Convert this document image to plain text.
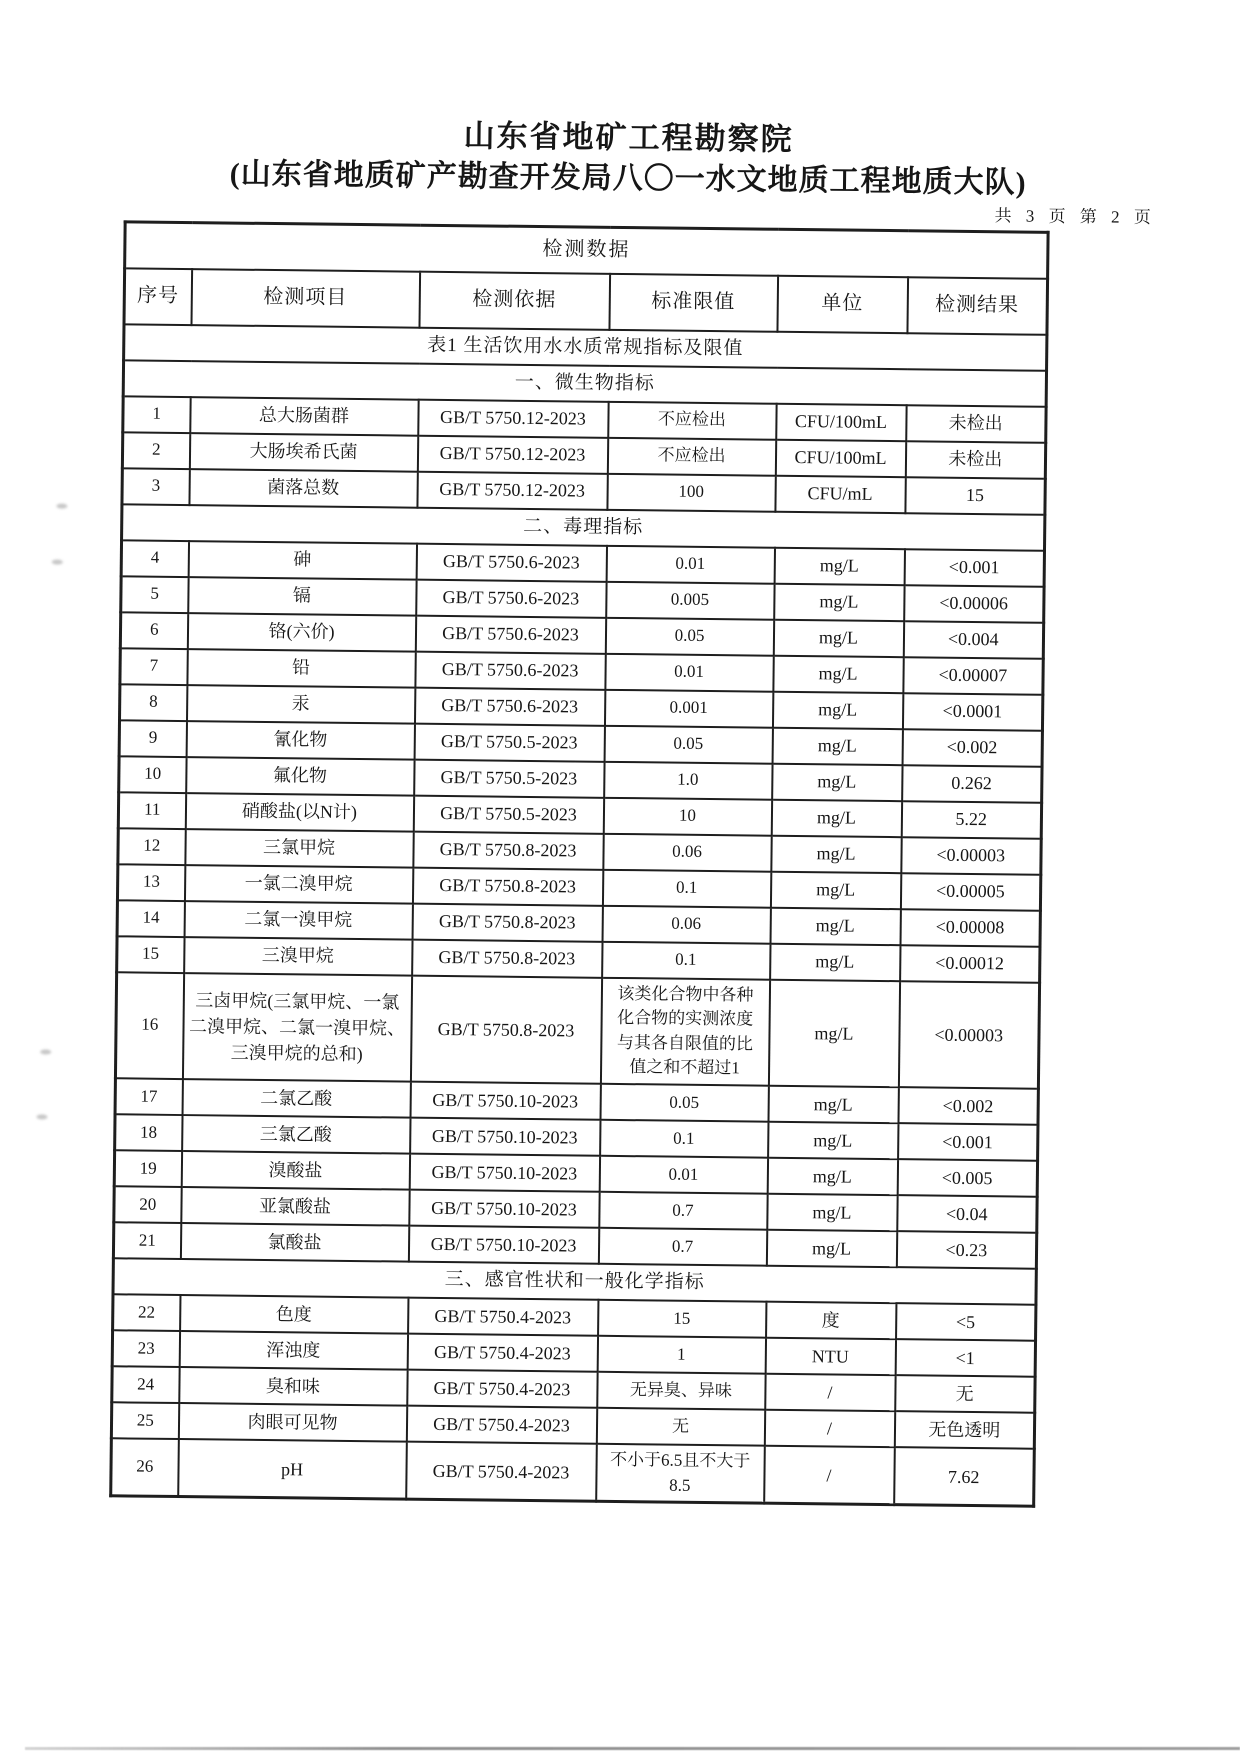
山东省地矿工程勘察院
(山东省地质矿产勘查开发局八〇一水文地质工程地质大队)
共 3 页 第 2 页
检测数据					
序号	检测项目	检测依据	标准限值	单位	检测结果
表1 生活饮用水水质常规指标及限值					
一、微生物指标					
1	总大肠菌群	GB/T 5750.12-2023	不应检出	CFU/100mL	未检出
2	大肠埃希氏菌	GB/T 5750.12-2023	不应检出	CFU/100mL	未检出
3	菌落总数	GB/T 5750.12-2023	100	CFU/mL	15
二、毒理指标					
4	砷	GB/T 5750.6-2023	0.01	mg/L	<0.001
5	镉	GB/T 5750.6-2023	0.005	mg/L	<0.00006
6	铬(六价)	GB/T 5750.6-2023	0.05	mg/L	<0.004
7	铅	GB/T 5750.6-2023	0.01	mg/L	<0.00007
8	汞	GB/T 5750.6-2023	0.001	mg/L	<0.0001
9	氰化物	GB/T 5750.5-2023	0.05	mg/L	<0.002
10	氟化物	GB/T 5750.5-2023	1.0	mg/L	0.262
11	硝酸盐(以N计)	GB/T 5750.5-2023	10	mg/L	5.22
12	三氯甲烷	GB/T 5750.8-2023	0.06	mg/L	<0.00003
13	一氯二溴甲烷	GB/T 5750.8-2023	0.1	mg/L	<0.00005
14	二氯一溴甲烷	GB/T 5750.8-2023	0.06	mg/L	<0.00008
15	三溴甲烷	GB/T 5750.8-2023	0.1	mg/L	<0.00012
16	三卤甲烷(三氯甲烷、一氯二溴甲烷、二氯一溴甲烷、三溴甲烷的总和)	GB/T 5750.8-2023	该类化合物中各种化合物的实测浓度与其各自限值的比值之和不超过1	mg/L	<0.00003
17	二氯乙酸	GB/T 5750.10-2023	0.05	mg/L	<0.002
18	三氯乙酸	GB/T 5750.10-2023	0.1	mg/L	<0.001
19	溴酸盐	GB/T 5750.10-2023	0.01	mg/L	<0.005
20	亚氯酸盐	GB/T 5750.10-2023	0.7	mg/L	<0.04
21	氯酸盐	GB/T 5750.10-2023	0.7	mg/L	<0.23
三、感官性状和一般化学指标					
22	色度	GB/T 5750.4-2023	15	度	<5
23	浑浊度	GB/T 5750.4-2023	1	NTU	<1
24	臭和味	GB/T 5750.4-2023	无异臭、异味	/	无
25	肉眼可见物	GB/T 5750.4-2023	无	/	无色透明
26	pH	GB/T 5750.4-2023	不小于6.5且不大于8.5	/	7.62
